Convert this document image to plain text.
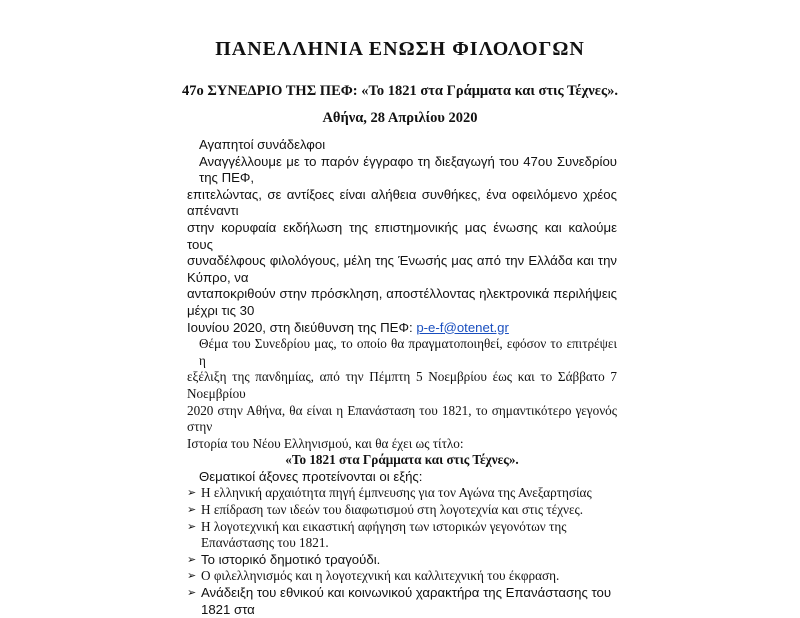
ΠΑΝΕΛΛΗΝΙΑ ΕΝΩΣΗ ΦΙΛΟΛΟΓΩΝ
47ο ΣΥΝΕΔΡΙΟ ΤΗΣ ΠΕΦ: «Το 1821 στα Γράμματα και στις Τέχνες».
Αθήνα, 28 Απριλίου 2020
Αγαπητοί συνάδελφοι
Αναγγέλλουμε με το παρόν έγγραφο τη διεξαγωγή του 47ου Συνεδρίου της ΠΕΦ,
επιτελώντας, σε αντίξοες είναι αλήθεια συνθήκες, ένα οφειλόμενο χρέος απέναντι
στην κορυφαία εκδήλωση της επιστημονικής μας ένωσης και καλούμε τους
συναδέλφους φιλολόγους, μέλη της Ένωσής μας από την Ελλάδα και την Κύπρο, να
ανταποκριθούν στην πρόσκληση, αποστέλλοντας ηλεκτρονικά περιλήψεις μέχρι τις 30
Ιουνίου 2020, στη διεύθυνση της ΠΕΦ: p-e-f@otenet.gr
Θέμα του Συνεδρίου μας, το οποίο θα πραγματοποιηθεί, εφόσον το επιτρέψει η
εξέλιξη της πανδημίας, από την Πέμπτη 5 Νοεμβρίου έως και το Σάββατο 7 Νοεμβρίου
2020 στην Αθήνα, θα είναι η Επανάσταση του 1821, το σημαντικότερο γεγονός στην
Ιστορία του Νέου Ελληνισμού, και θα έχει ως τίτλο:
«Το 1821 στα Γράμματα και στις Τέχνες».
Θεματικοί άξονες προτείνονται οι εξής:
➢ Η ελληνική αρχαιότητα πηγή έμπνευσης για τον Αγώνα της Ανεξαρτησίας
➢ Η επίδραση των ιδεών του διαφωτισμού στη λογοτεχνία και στις τέχνες.
➢ Η λογοτεχνική και εικαστική αφήγηση των ιστορικών γεγονότων της Επανάστασης του 1821.
➢ Το ιστορικό δημοτικό τραγούδι.
➢ Ο φιλελληνισμός και η λογοτεχνική και καλλιτεχνική του έκφραση.
➢ Ανάδειξη του εθνικού και κοινωνικού χαρακτήρα της Επανάστασης του 1821 στα
